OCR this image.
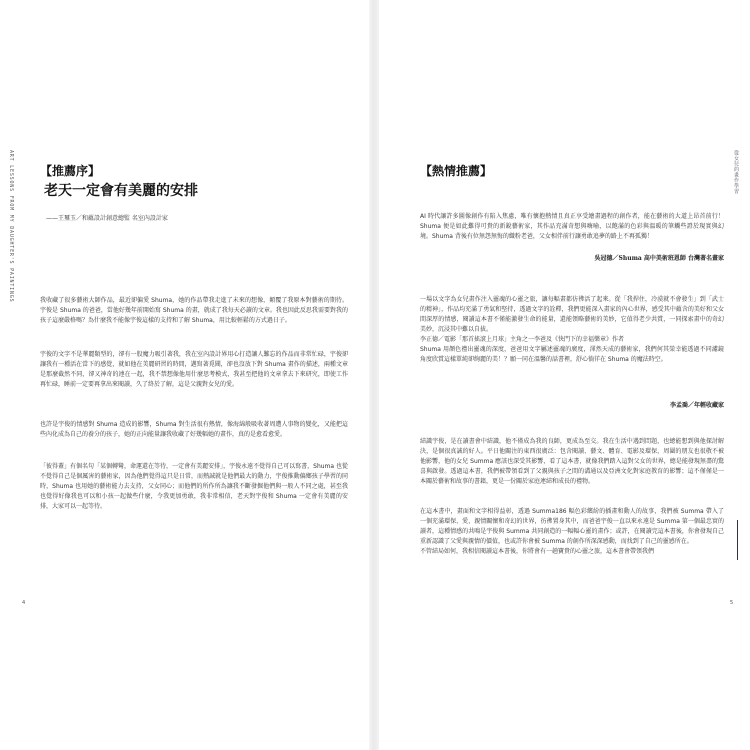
ART LESSONS FROM MY DAUGHTER'S PAINTINGS 【推薦序】
老天一定會有美麗的安排
——王璽玉／和蘊設計創意總監 名室內設計家

我收藏了很多藝術大師作品，最近卻偏愛 Shuma，她的作品帶我走進了未來的想像，顛覆了我原本對藝術的期待。宇俊是 Shuma 的爸爸，當他好幾年前開始寫 Shuma 的畫，就成了我每天必讀的文章。我也因此反思我需要對我的孩子這麼嚴格嗎？為什麼我不能像宇俊這樣的支持和了解 Shuma，用比較輕鬆的方式過日子。

宇俊的文字不是華麗類型的，卻有一股魔力吸引著我，我在室內設計界用心打造讓人難忘的作品而非常忙碌，宇俊卻讓我有一種活在當下的感覺，就如他在美麗研習的時間，邁寫著覓聞，卻也沒放下對 Shuma 畫作的描述，兩種文章是那麼截然不同，卻又神奇的連在一起，我不禁想像他用什麼思考模式，我甚至把他的文章拿去下來研究，即使工作再忙碌，睡前一定要再拿出來閱讀，久了終於了解，這是父親對女兒的愛。

也許是宇俊的情感對 Shuma 造成的影響，Shuma 對生活很有熱情，像海綿般吸收著周遭人事物的變化，又能把這些內化成為自己的養分的孩子，她的正向能量讓我收藏了好幾幅她的畫作，真的是愈看愈愛。

「彼得蓋」有個名句「某個轉彎，命運還在等待，一定會有美麗安排」，宇俊永遠不覺得自己可以寫書，Shuma 也從不覺得自己是個厲害的藝術家，因為他們覺得這只是日常，而熱誠就是他們最大的動力，宇俊推動偏鄉孩子學習的同時，Shuma 也用她的藝術能力去支持，父女同心；而他們的所作所為讓我不斷發掘他們與一般人不同之處，甚至我也覺得好像我也可以和小孩一起做些什麼，令我更加勇敢，我非常相信，老天對宇俊和 Shuma 一定會有美麗的安排，大家可以一起等待。

4
從女兒的畫作學習
【熱情推薦】

AI 時代讓許多圖像創作有陷入焦慮，唯有懷抱熱情且真正享受繪畫過程的創作者，能在藝術的大道上昂首前行！Shuma 便是如此難得可貴的新銳藝術家，其作品充滿奇想與嗨喻，以飽滿的色彩與溫暖的筆觸些證於現實與幻境。Shuma 背後有位無怨無悔的織粉老爸，父女相伴前行讓勇敢追夢的路上不再孤獨！

吳冠德／Shuma 高中美術班恩師 台灣著名畫家

一場以文字為女兒畫作注入靈魂的心靈之旅，讓每幅畫都彷彿活了起來。從「我捍住，冷漠就不會發生」到「武士的精神」，作品均充滿了勇氣和堅持，透過文字的詮釋，我們更能深入畫家的內心世界，感受其中蘊含的美好和父女間深厚的情感，閱讀這本書不僅能激發生命的能量，還能領略藝術的美妙，它值得老少共賞，一同探索畫中的奇幻美妙，沉浸其中難以自拔。
李正德／電影「那首搖滾上月球」主角之一李爸及《快門下的幸福樂章》作者
Shuma 用顏色禮出靈魂的深度，爸爸用文字屬述靈魂的廣度，渾然天成的藝術家，我們何其榮幸能透過不同濾鏡角度欣賞這樣單純卻絢麗的美！？願一同在溫馨的話書裡，舒心徜徉在 Shuma 的魔法時空。

李孟喬／年輕收藏家

結識宇俊，是在讀書會中結識，他不僅成為我的良師，更成為至交。我在生活中遇到問題，也總能想到與他探討解決，是個很真誠的好人。平日他關注的東西很廣泛：包含閱讀、藝文、體育、電影及環保，周圍的朋友也很敬不被他影響，他的女兒 Summa 應該也深受其影響，看了這本書，就像我們踏入這對父女的世界，總是能發現無盡的驚喜與啟發。透過這本書，我們被帶領看到了父親與孩子之間的溝通以及亞洲文化對家庭教育的影響；這不僅僅是一本關於藝術和故事的書籍，更是一份關於家庭連結和成長的禮物。

在這本書中，畫面和文字相得益彰，透過 Summa186 幅色彩繽紛的插畫和動人的故事，我們被 Summa 帶入了一個充滿環保、愛、親情關懷和奇幻的世界，彷彿置身其中，而爸爸宇俊一直以來永遠是 Summa 第一個最忠實的讀者，這種情感的共鳴是宇俊與 Summa 共同創造的一幅幅心靈的畫作；或許，在閱讀完這本書後，你會發現自己重新認識了父愛與親情的價值，也或許你會被 Summa 的創作所深深感動，而找到了自己的靈感所在。
不管結局如何，我相信閱讀這本書後，你將會有一趟寶貴的心靈之旅，這本書會帶領我們

5
